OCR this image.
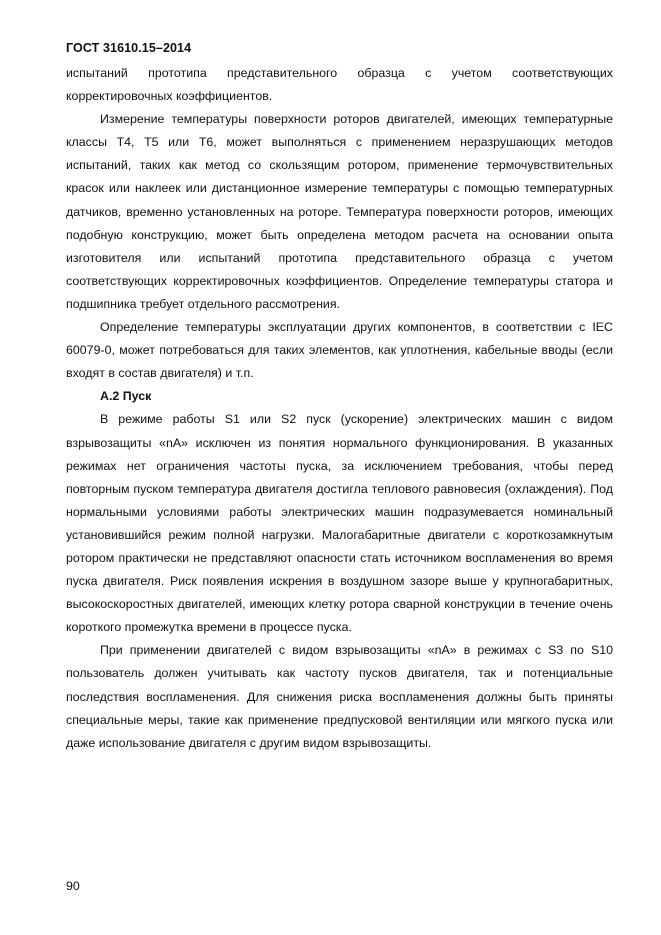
ГОСТ 31610.15–2014

испытаний прототипа представительного образца с учетом соответствующих корректировочных коэффициентов.

Измерение температуры поверхности роторов двигателей, имеющих температурные классы Т4, Т5 или Т6, может выполняться с применением неразрушающих методов испытаний, таких как метод со скользящим ротором, применение термочувствительных красок или наклеек или дистанционное измерение температуры с помощью температурных датчиков, временно установленных на роторе. Температура поверхности роторов, имеющих подобную конструкцию, может быть определена методом расчета на основании опыта изготовителя или испытаний прототипа представительного образца с учетом соответствующих корректировочных коэффициентов. Определение температуры статора и подшипника требует отдельного рассмотрения.

Определение температуры эксплуатации других компонентов, в соответствии с IEC 60079-0, может потребоваться для таких элементов, как уплотнения, кабельные вводы (если входят в состав двигателя) и т.п.

А.2 Пуск

В режиме работы S1 или S2 пуск (ускорение) электрических машин с видом взрывозащиты «nA» исключен из понятия нормального функционирования. В указанных режимах нет ограничения частоты пуска, за исключением требования, чтобы перед повторным пуском температура двигателя достигла теплового равновесия (охлаждения). Под нормальными условиями работы электрических машин подразумевается номинальный установившийся режим полной нагрузки. Малогабаритные двигатели с короткозамкнутым ротором практически не представляют опасности стать источником воспламенения во время пуска двигателя. Риск появления искрения в воздушном зазоре выше у крупногабаритных, высокоскоростных двигателей, имеющих клетку ротора сварной конструкции в течение очень короткого промежутка времени в процессе пуска.

При применении двигателей с видом взрывозащиты «nA» в режимах с S3 по S10 пользователь должен учитывать как частоту пусков двигателя, так и потенциальные последствия воспламенения. Для снижения риска воспламенения должны быть приняты специальные меры, такие как применение предпусковой вентиляции или мягкого пуска или даже использование двигателя с другим видом взрывозащиты.

90
